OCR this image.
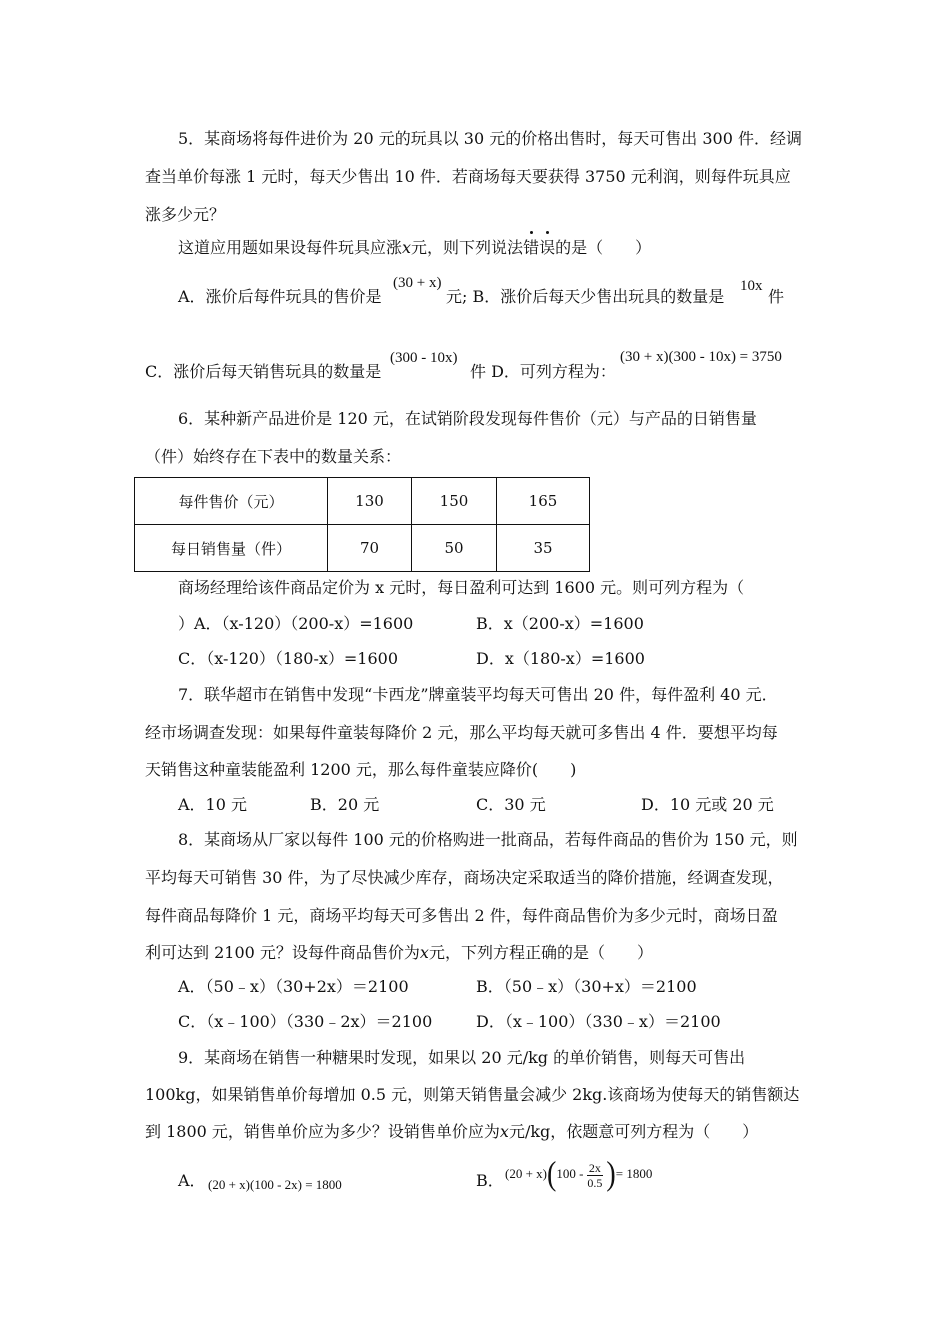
5．某商场将每件进价为 20 元的玩具以 30 元的价格出售时，每天可售出 300 件．经调
查当单价每涨 1 元时，每天少售出 10 件．若商场每天要获得 3750 元利润，则每件玩具应
涨多少元？
这道应用题如果设每件玩具应涨x元，则下列说法错误的是（　　）
A．涨价后每件玩具的售价是
(30 + x)
元; B．涨价后每天少售出玩具的数量是
10x
件
C．涨价后每天销售玩具的数量是
(300 - 10x)
件 D．可列方程为：
(30 + x)(300 - 10x) = 3750
6．某种新产品进价是 120 元，在试销阶段发现每件售价（元）与产品的日销售量
（件）始终存在下表中的数量关系：
每件售价（元）	130	150	165
每日销售量（件）	70	50	35
商场经理给该件商品定价为 x 元时，每日盈利可达到 1600 元。则可列方程为（
）A．（x-120）（200-x）=1600	B．x（200-x）=1600
C．（x-120）（180-x）=1600	D．x（180-x）=1600
7．联华超市在销售中发现“卡西龙”牌童装平均每天可售出 20 件，每件盈利 40 元．
经市场调查发现：如果每件童装每降价 2 元，那么平均每天就可多售出 4 件．要想平均每
天销售这种童装能盈利 1200 元，那么每件童装应降价(　　)
A．10 元	B．20 元	C．30 元	D．10 元或 20 元
8．某商场从厂家以每件 100 元的价格购进一批商品，若每件商品的售价为 150 元，则
平均每天可销售 30 件，为了尽快减少库存，商场决定采取适当的降价措施，经调查发现，
每件商品每降价 1 元，商场平均每天可多售出 2 件，每件商品售价为多少元时，商场日盈
利可达到 2100 元？设每件商品售价为x元，下列方程正确的是（　　）
A．（50﹣x）（30+2x）＝2100	B．（50﹣x）（30+x）＝2100
C．（x﹣100）（330﹣2x）＝2100	D．（x﹣100）（330﹣x）＝2100
9．某商场在销售一种糖果时发现，如果以 20 元/kg 的单价销售，则每天可售出
100kg，如果销售单价每增加 0.5 元，则第天销售量会减少 2kg.该商场为使每天的销售额达
到 1800 元，销售单价应为多少？设销售单价应为x元/kg，依题意可列方程为（　　）
A． (20 + x)(100 - 2x) = 1800	B． $(20 + x)(100 - \frac{2x}{0.5}$ )= 1800
